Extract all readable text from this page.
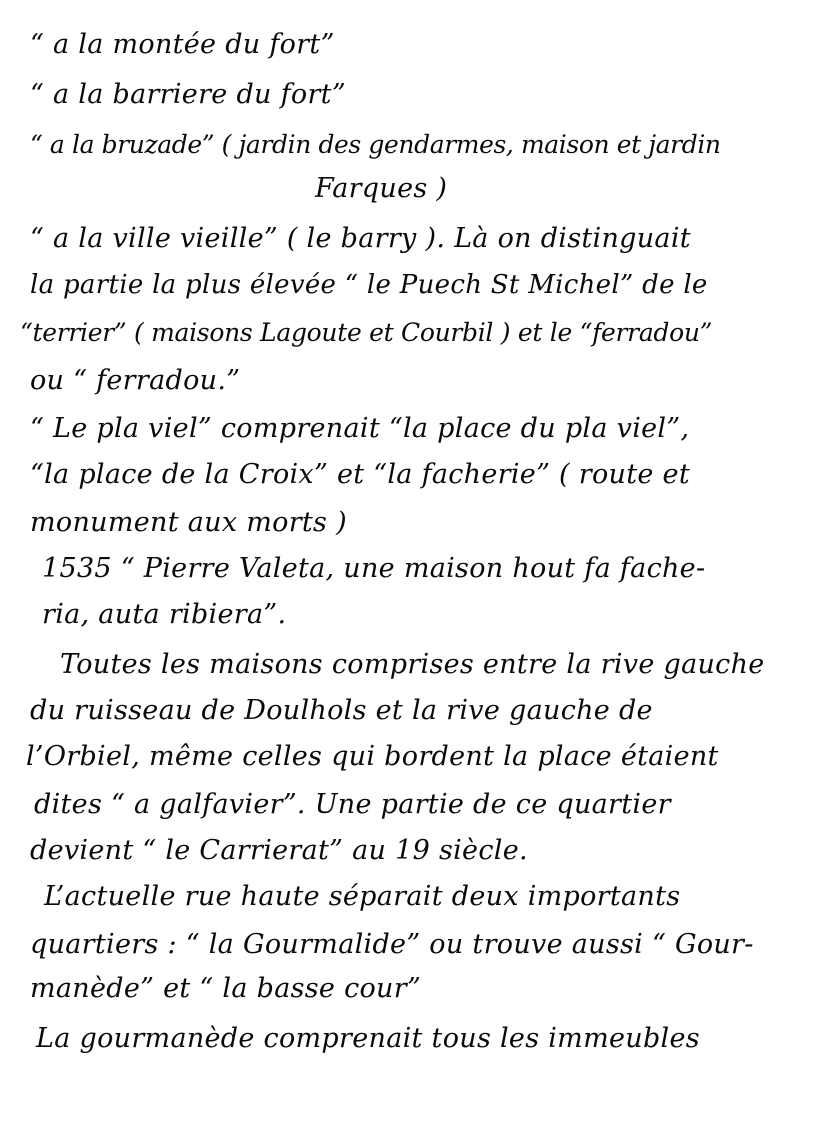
“ a la montée du fort”
“ a la barriere du fort”
“ a la bruzade” ( jardin des gendarmes, maison et jardin
Farques )
“ a la ville vieille” ( le barry ). Là on distinguait
la partie la plus élevée “ le Puech St Michel” de le
“terrier” ( maisons Lagoute et Courbil ) et le “ferradou”
ou “ ferradou.”
“ Le pla viel” comprenait “la place du pla viel”,
“la place de la Croix” et “la facherie” ( route et
monument aux morts )
1535 “ Pierre Valeta, une maison hout fa fache-
ria, auta ribiera”.
Toutes les maisons comprises entre la rive gauche
du ruisseau de Doulhols et la rive gauche de
l’Orbiel, même celles qui bordent la place étaient
dites “ a galfavier”. Une partie de ce quartier
devient “ le Carrierat” au 19 siècle.
L’actuelle rue haute séparait deux importants
quartiers : “ la Gourmalide” ou trouve aussi “ Gour-
manède” et “ la basse cour”
La gourmanède comprenait tous les immeubles
